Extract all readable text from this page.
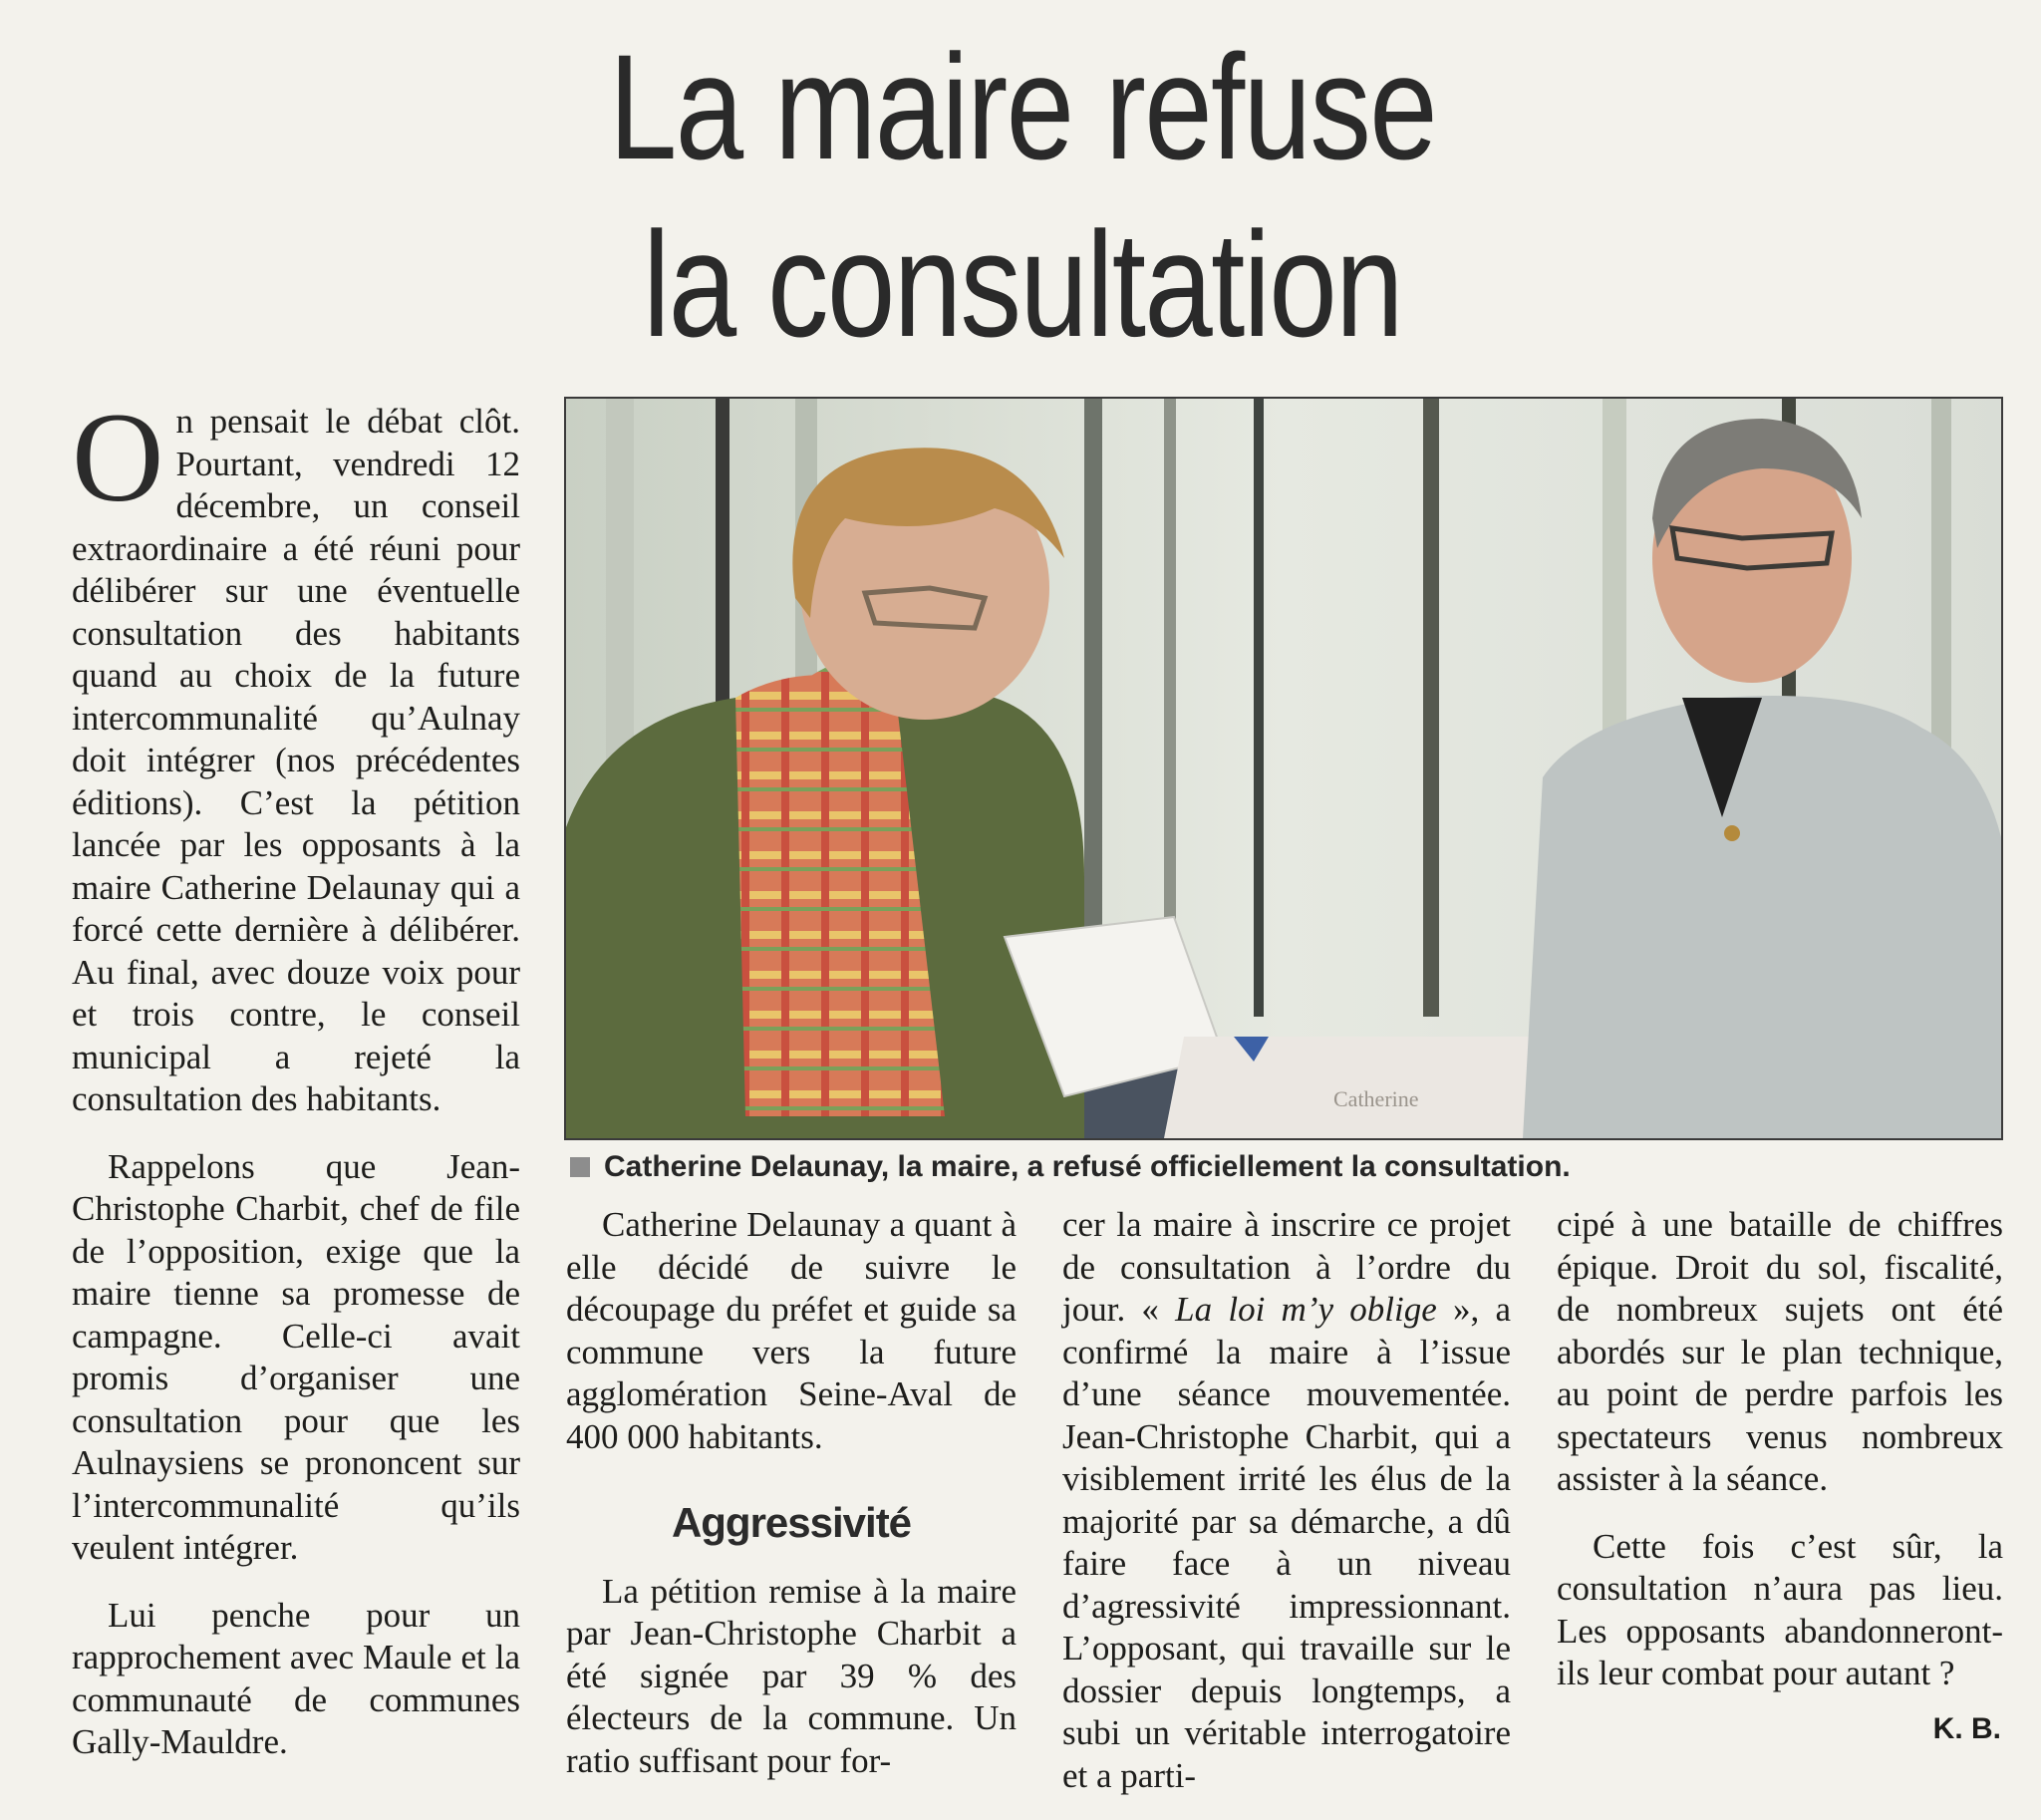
La maire refuse
la consultation

On pensait le débat clôt. Pourtant, vendredi 12 décembre, un conseil extraordinaire a été réuni pour délibérer sur une éventuelle consultation des habitants quand au choix de la future intercommunalité qu’Aulnay doit intégrer (nos précédentes éditions). C’est la pétition lancée par les opposants à la maire Catherine Delaunay qui a forcé cette dernière à délibérer. Au final, avec douze voix pour et trois contre, le conseil municipal a rejeté la consultation des habitants.

Rappelons que Jean-Christophe Charbit, chef de file de l’opposition, exige que la maire tienne sa promesse de campagne. Celle-ci avait promis d’organiser une consultation pour que les Aulnaysiens se prononcent sur l’intercommunalité qu’ils veulent intégrer.

Lui penche pour un rapprochement avec Maule et la communauté de communes Gally-Mauldre.

Catherine
Catherine Delaunay, la maire, a refusé officiellement la consultation.

Catherine Delaunay a quant à elle décidé de suivre le découpage du préfet et guide sa commune vers la future agglomération Seine-Aval de 400 000 habitants.

Aggressivité

La pétition remise à la maire par Jean-Christophe Charbit a été signée par 39 % des électeurs de la commune. Un ratio suffisant pour for-

cer la maire à inscrire ce projet de consultation à l’ordre du jour. « La loi m’y oblige », a confirmé la maire à l’issue d’une séance mouvementée. Jean-Christophe Charbit, qui a visiblement irrité les élus de la majorité par sa démarche, a dû faire face à un niveau d’agressivité impressionnant. L’opposant, qui travaille sur le dossier depuis longtemps, a subi un véritable interrogatoire et a parti-

cipé à une bataille de chiffres épique. Droit du sol, fiscalité, de nombreux sujets ont été abordés sur le plan technique, au point de perdre parfois les spectateurs venus nombreux assister à la séance.

Cette fois c’est sûr, la consultation n’aura pas lieu. Les opposants abandonneront-ils leur combat pour autant ?

K. B.
